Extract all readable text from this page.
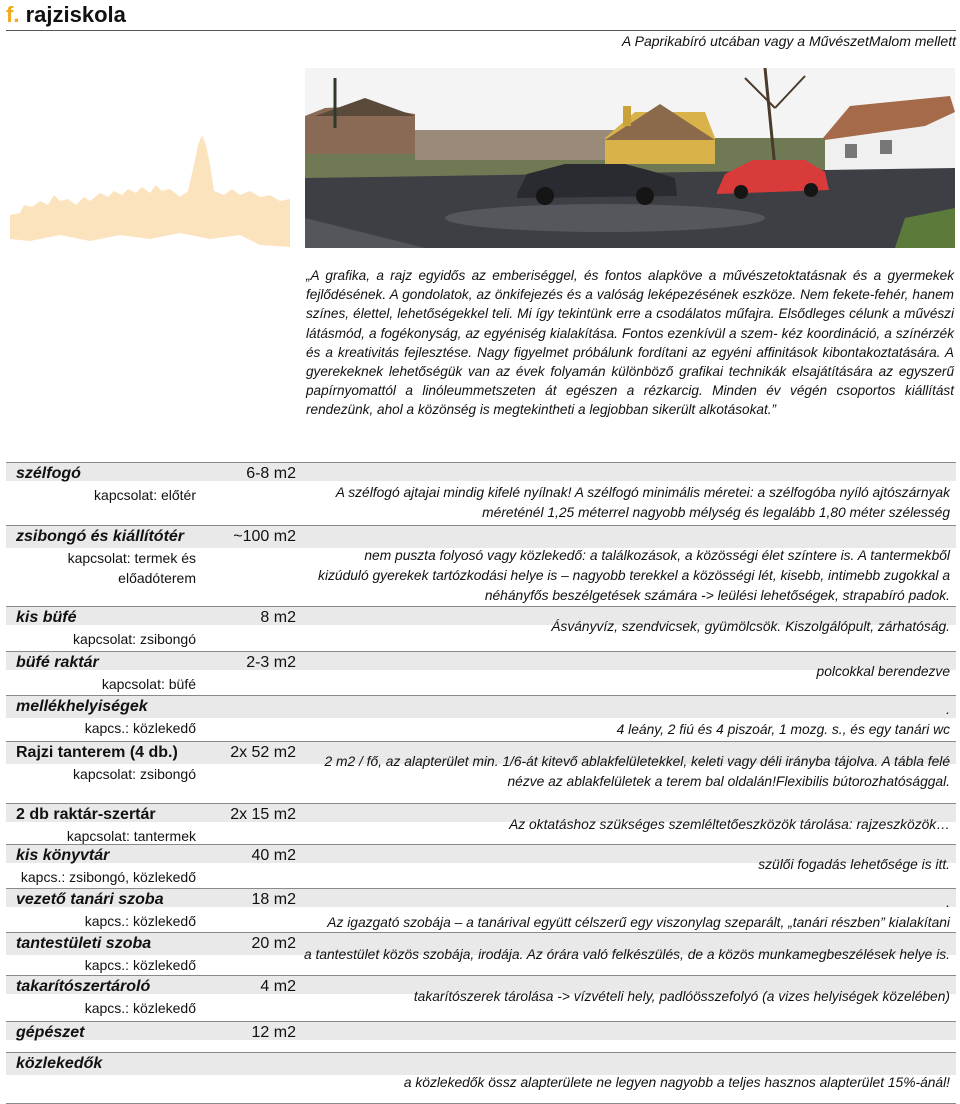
f. rajziskola
A Paprikabíró utcában vagy a MűvészetMalom mellett
„A grafika, a rajz egyidős az emberiséggel, és fontos alapköve a művészetoktatásnak és a gyermekek fejlődésének. A gondolatok, az önkifejezés és a valóság leképezésének eszköze. Nem fekete-fehér, hanem színes, élettel, lehetőségekkel teli. Mi így tekintünk erre a csodálatos műfajra. Elsődleges célunk a művészi látásmód, a fogékonyság, az egyéniség kialakítása. Fontos ezenkívül a szem- kéz koordináció, a színérzék és a kreativitás fejlesztése. Nagy figyelmet próbálunk fordítani az egyéni affinitások kibontakoztatására. A gyerekeknek lehetőségük van az évek folyamán különböző grafikai technikák elsajátítására az egyszerű papírnyomattól a linóleummetszeten át egészen a rézkarcig. Minden év végén csoportos kiállítást rendezünk, ahol a közönség is megtekintheti a legjobban sikerült alkotásokat.”
szélfogó	6-8 m2
kapcsolat: előtér	A szélfogó ajtajai mindig kifelé nyílnak! A szélfogó minimális méretei: a szélfogóba nyíló ajtószárnyak
méreténél 1,25 méterrel nagyobb mélység és legalább 1,80 méter szélesség
zsibongó és kiállítótér	~100 m2
kapcsolat: termek és
előadóterem
nem puszta folyosó vagy közlekedő: a találkozások, a közösségi élet színtere is. A tantermekből
kizúduló gyerekek tartózkodási helye is – nagyobb terekkel a közösségi lét, kisebb, intimebb zugokkal a
néhányfős beszélgetések számára -> leülési lehetőségek, strapabíró padok.
kis büfé	8 m2
kapcsolat: zsibongó
Ásványvíz, szendvicsek, gyümölcsök. Kiszolgálópult, zárhatóság.
büfé raktár	2-3 m2
kapcsolat: büfé
polcokkal berendezve
mellékhelyiségek
kapcs.: közlekedő
.
4 leány, 2 fiú és 4 piszoár, 1 mozg. s., és egy tanári wc
Rajzi tanterem (4 db.)	2x 52 m2
kapcsolat: zsibongó
2 m2 / fő, az alapterület min. 1/6-át kitevő ablakfelületekkel, keleti vagy déli irányba tájolva. A tábla felé
nézve az ablakfelületek a terem bal oldalán!Flexibilis bútorozhatósággal.
2 db raktár-szertár	2x 15 m2
kapcsolat: tantermek
Az oktatáshoz szükséges szemléltetőeszközök tárolása: rajzeszközök…
kis könyvtár	40 m2
kapcs.: zsibongó, közlekedő
szülői fogadás lehetősége is itt.
vezető tanári szoba	18 m2
kapcs.: közlekedő
.
Az igazgató szobája – a tanárival együtt célszerű egy viszonylag szeparált, „tanári részben” kialakítani
tantestületi szoba	20 m2
kapcs.: közlekedő
a tantestület közös szobája, irodája. Az órára való felkészülés, de a közös munkamegbeszélések helye is.
takarítószertároló	4 m2
kapcs.: közlekedő
takarítószerek tárolása -> vízvételi hely, padlóösszefolyó (a vizes helyiségek közelében)
gépészet	12 m2
közlekedők
a közlekedők össz alapterülete ne legyen nagyobb a teljes hasznos alapterület 15%-ánál!
